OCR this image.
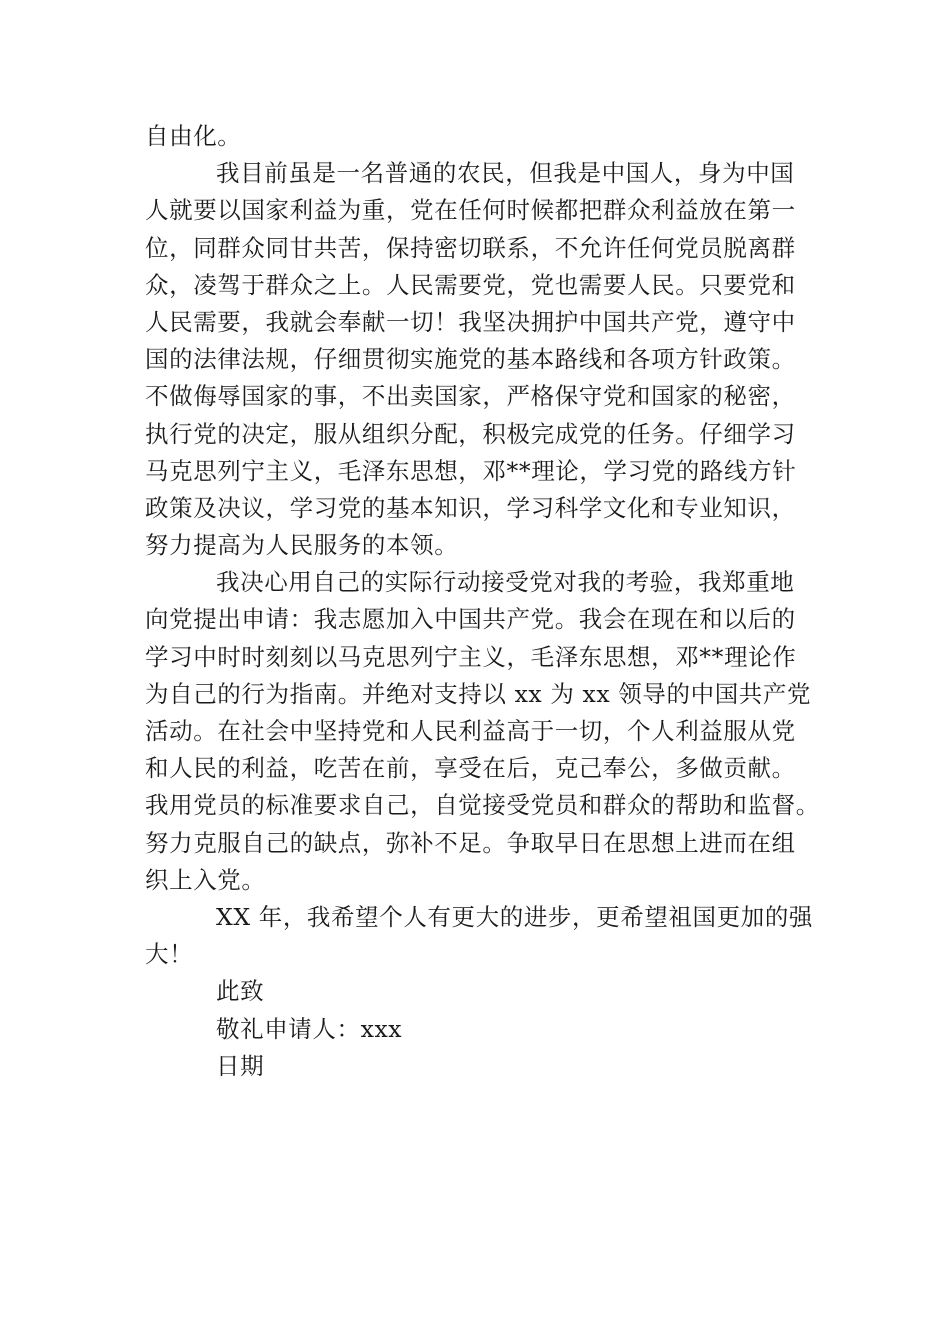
自由化。
我目前虽是一名普通的农民，但我是中国人，身为中国
人就要以国家利益为重，党在任何时候都把群众利益放在第一
位，同群众同甘共苦，保持密切联系，不允许任何党员脱离群
众，凌驾于群众之上。人民需要党，党也需要人民。只要党和
人民需要，我就会奉献一切！我坚决拥护中国共产党，遵守中
国的法律法规，仔细贯彻实施党的基本路线和各项方针政策。
不做侮辱国家的事，不出卖国家，严格保守党和国家的秘密，
执行党的决定，服从组织分配，积极完成党的任务。仔细学习
马克思列宁主义，毛泽东思想，邓**理论，学习党的路线方针
政策及决议，学习党的基本知识，学习科学文化和专业知识，
努力提高为人民服务的本领。
我决心用自己的实际行动接受党对我的考验，我郑重地
向党提出申请：我志愿加入中国共产党。我会在现在和以后的
学习中时时刻刻以马克思列宁主义，毛泽东思想，邓**理论作
为自己的行为指南。并绝对支持以 xx 为 xx 领导的中国共产党
活动。在社会中坚持党和人民利益高于一切，个人利益服从党
和人民的利益，吃苦在前，享受在后，克己奉公，多做贡献。
我用党员的标准要求自己，自觉接受党员和群众的帮助和监督。
努力克服自己的缺点，弥补不足。争取早日在思想上进而在组
织上入党。
XX 年，我希望个人有更大的进步，更希望祖国更加的强
大！
此致
敬礼申请人：xxx
日期
